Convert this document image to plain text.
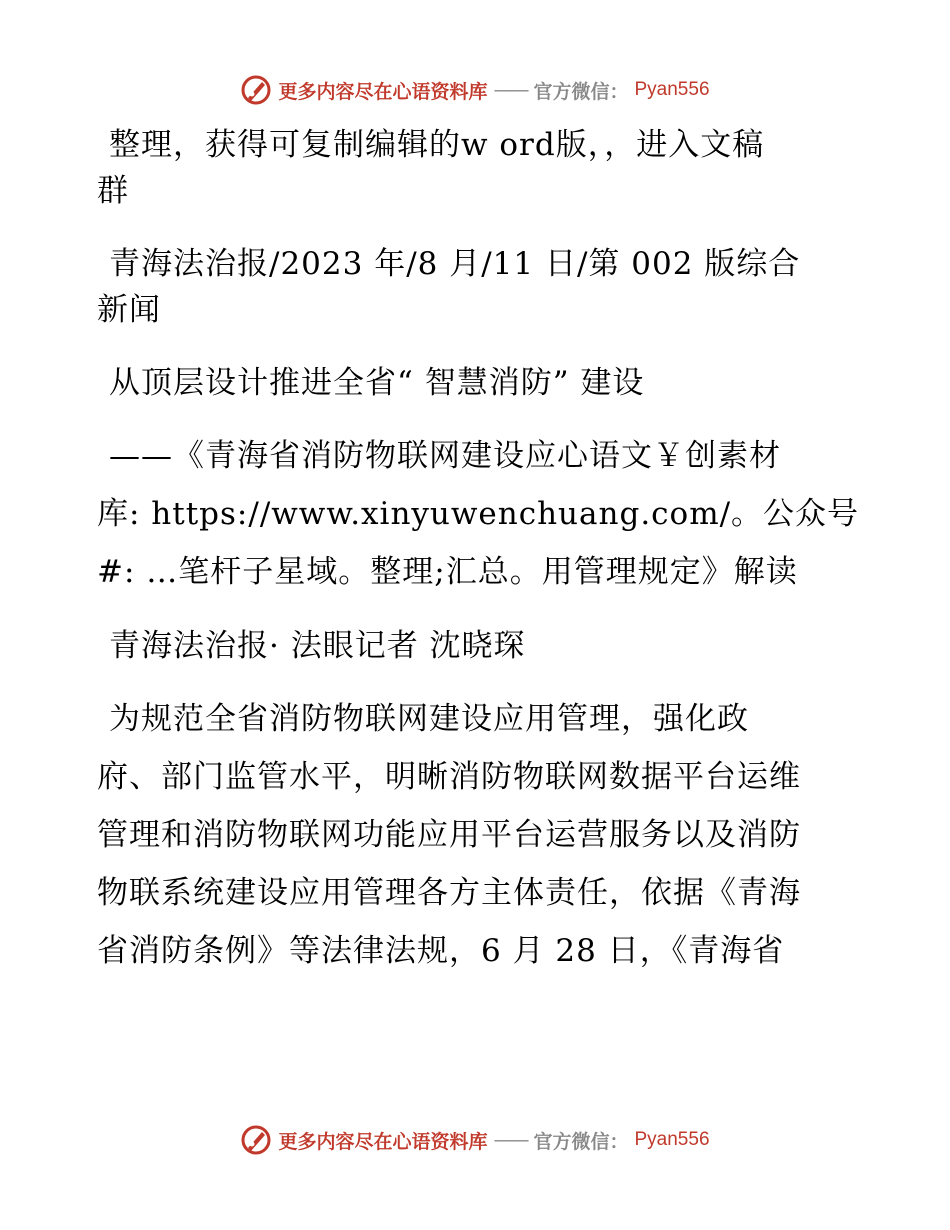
更多内容尽在心语资料库 —— 官方微信： Pyan556
整理，获得可复制编辑的w ord版，，进入文稿
群
青海法治报/2023 年/8 月/11 日/第 002 版综合
新闻
从顶层设计推进全省“ 智慧消防” 建设
——《青海省消防物联网建设应心语文￥创素材
库: https://www.xinyuwenchuang.com/。公众号
#: …笔杆子星域。整理;汇总。用管理规定》解读
青海法治报· 法眼记者 沈晓琛
为规范全省消防物联网建设应用管理，强化政
府、部门监管水平，明晰消防物联网数据平台运维
管理和消防物联网功能应用平台运营服务以及消防
物联系统建设应用管理各方主体责任，依据《青海
省消防条例》等法律法规，6 月 28 日，《青海省
更多内容尽在心语资料库 —— 官方微信： Pyan556
